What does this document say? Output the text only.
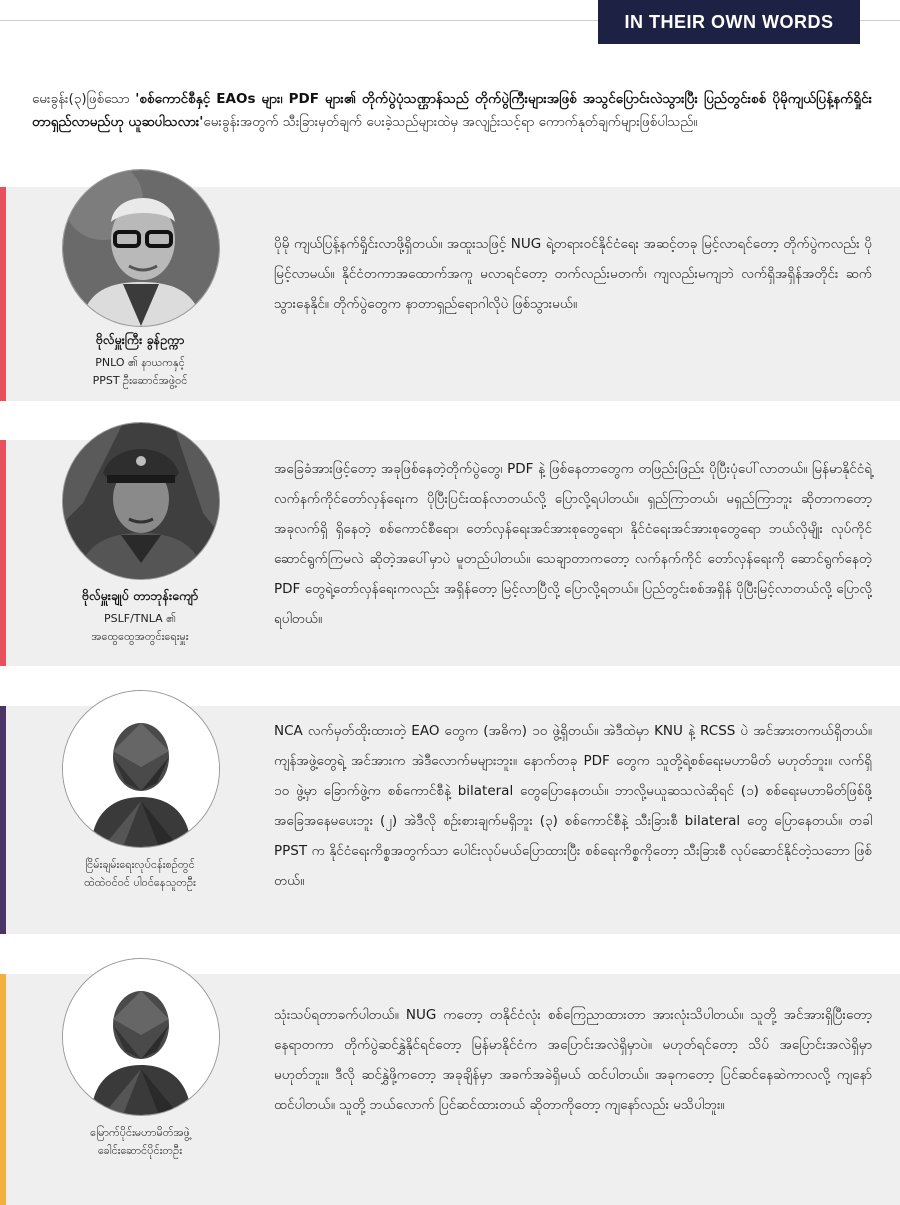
IN THEIR OWN WORDS
မေးခွန်း(၃)ဖြစ်သော 'စစ်ကောင်စီနှင့် EAOs များ၊ PDF များ၏ တိုက်ပွဲပုံသဏ္ဌာန်သည် တိုက်ပွဲကြီးများအဖြစ် အသွင်ပြောင်းလဲသွားပြီး ပြည်တွင်းစစ် ပိုမိုကျယ်ပြန့်နက်ရှိုင်း တာရှည်လာမည်ဟု ယူဆပါသလား'မေးခွန်းအတွက် သီးခြားမှတ်ချက် ပေးခဲ့သည်များထဲမှ အလျဉ်းသင့်ရာ ကောက်နုတ်ချက်များဖြစ်ပါသည်။
ဗိုလ်မှူးကြီး ခွန်ဥက္ကာ
PNLO ၏ နာယကနှင့်
PPST ဦးဆောင်အဖွဲ့ဝင်
ပိုမို ကျယ်ပြန့်နက်ရှိုင်းလာဖို့ရှိတယ်။ အထူးသဖြင့် NUG ရဲ့တရားဝင်နိုင်ငံရေး အဆင့်တခု မြင့်လာရင်တော့ တိုက်ပွဲကလည်း ပိုမြင့်လာမယ်။ နိုင်ငံတကာအထောက်အကူ မလာရင်တော့ တက်လည်းမတက်၊ ကျလည်းမကျဘဲ လက်ရှိအရှိန်အတိုင်း ဆက်သွားနေနိုင်။ တိုက်ပွဲတွေက နာတာရှည်ရောဂါလိုပဲ ဖြစ်သွားမယ်။
ဗိုလ်မှူးချုပ် တာဘုန်းကျော်
PSLF/TNLA ၏
အထွေထွေအတွင်းရေးမှူး
အခြေခံအားဖြင့်တော့ အခုဖြစ်နေတဲ့တိုက်ပွဲတွေ၊ PDF နဲ့ ဖြစ်နေတာတွေက တဖြည်းဖြည်း ပိုပြီးပုံပေါ်လာတယ်။ မြန်မာနိုင်ငံရဲ့လက်နက်ကိုင်တော်လှန်ရေးက ပိုပြီးပြင်းထန်လာတယ်လို့ ပြောလို့ရပါတယ်။ ရှည်ကြာတယ်၊ မရှည်ကြာဘူး ဆိုတာကတော့ အခုလက်ရှိ ရှိနေတဲ့ စစ်ကောင်စီရော၊ တော်လှန်ရေးအင်အားစုတွေရော၊ နိုင်ငံရေးအင်အားစုတွေရော ဘယ်လိုမျိုး လုပ်ကိုင်ဆောင်ရွက်ကြမလဲ ဆိုတဲ့အပေါ်မှာပဲ မူတည်ပါတယ်။ သေချာတာကတော့ လက်နက်ကိုင် တော်လှန်ရေးကို ဆောင်ရွက်နေတဲ့ PDF တွေရဲ့တော်လှန်ရေးကလည်း အရှိန်တော့ မြင့်လာပြီလို့ ပြောလို့ရတယ်။ ပြည်တွင်းစစ်အရှိန် ပိုပြီးမြင့်လာတယ်လို့ ပြောလို့ရပါတယ်။
ငြိမ်းချမ်းရေးလုပ်ငန်းစဉ်တွင်
ထဲထဲဝင်ဝင် ပါဝင်နေသူတဦး
NCA လက်မှတ်ထိုးထားတဲ့ EAO တွေက (အဓိက) ၁၀ ဖွဲ့ရှိတယ်။ အဲဒီထဲမှာ KNU နဲ့ RCSS ပဲ အင်အားတကယ်ရှိတယ်။ ကျန်အဖွဲ့တွေရဲ့ အင်အားက အဲဒီလောက်မများဘူး။ နောက်တခု PDF တွေက သူတို့ရဲ့စစ်ရေးမဟာမိတ် မဟုတ်ဘူး။ လက်ရှိ ၁၀ ဖွဲ့မှာ ခြောက်ဖွဲ့က စစ်ကောင်စီနဲ့ bilateral တွေပြောနေတယ်။ ဘာလို့မယူဆသလဲဆိုရင် (၁) စစ်ရေးမဟာမိတ်ဖြစ်ဖို့ အခြေအနေမပေးဘူး (၂) အဲဒီလို စဉ်းစားချက်မရှိဘူး (၃) စစ်ကောင်စီနဲ့ သီးခြားစီ bilateral တွေ ပြောနေတယ်။ တခါ PPST က နိုင်ငံရေးကိစ္စအတွက်သာ ပေါင်းလုပ်မယ်ပြောထားပြီး စစ်ရေးကိစ္စကိုတော့ သီးခြားစီ လုပ်ဆောင်နိုင်တဲ့သဘော ဖြစ်တယ်။
မြောက်ပိုင်းမဟာမိတ်အဖွဲ့
ခေါင်းဆောင်ပိုင်းတဦး
သုံးသပ်ရတာခက်ပါတယ်။ NUG ကတော့ တနိုင်ငံလုံး စစ်ကြေညာထားတာ အားလုံးသိပါတယ်။ သူတို့ အင်အားရှိပြီးတော့ နေရာတကာ တိုက်ပွဲဆင်နွှဲနိုင်ရင်တော့ မြန်မာနိုင်ငံက အပြောင်းအလဲရှိမှာပဲ။ မဟုတ်ရင်တော့ သိပ် အပြောင်းအလဲရှိမှာ မဟုတ်ဘူး။ ဒီလို ဆင်နွှဲဖို့ကတော့ အခုချိန်မှာ အခက်အခဲရှိမယ် ထင်ပါတယ်။ အခုကတော့ ပြင်ဆင်နေဆဲကာလလို့ ကျနော်ထင်ပါတယ်။ သူတို့ ဘယ်လောက် ပြင်ဆင်ထားတယ် ဆိုတာကိုတော့ ကျနော်လည်း မသိပါဘူး။
